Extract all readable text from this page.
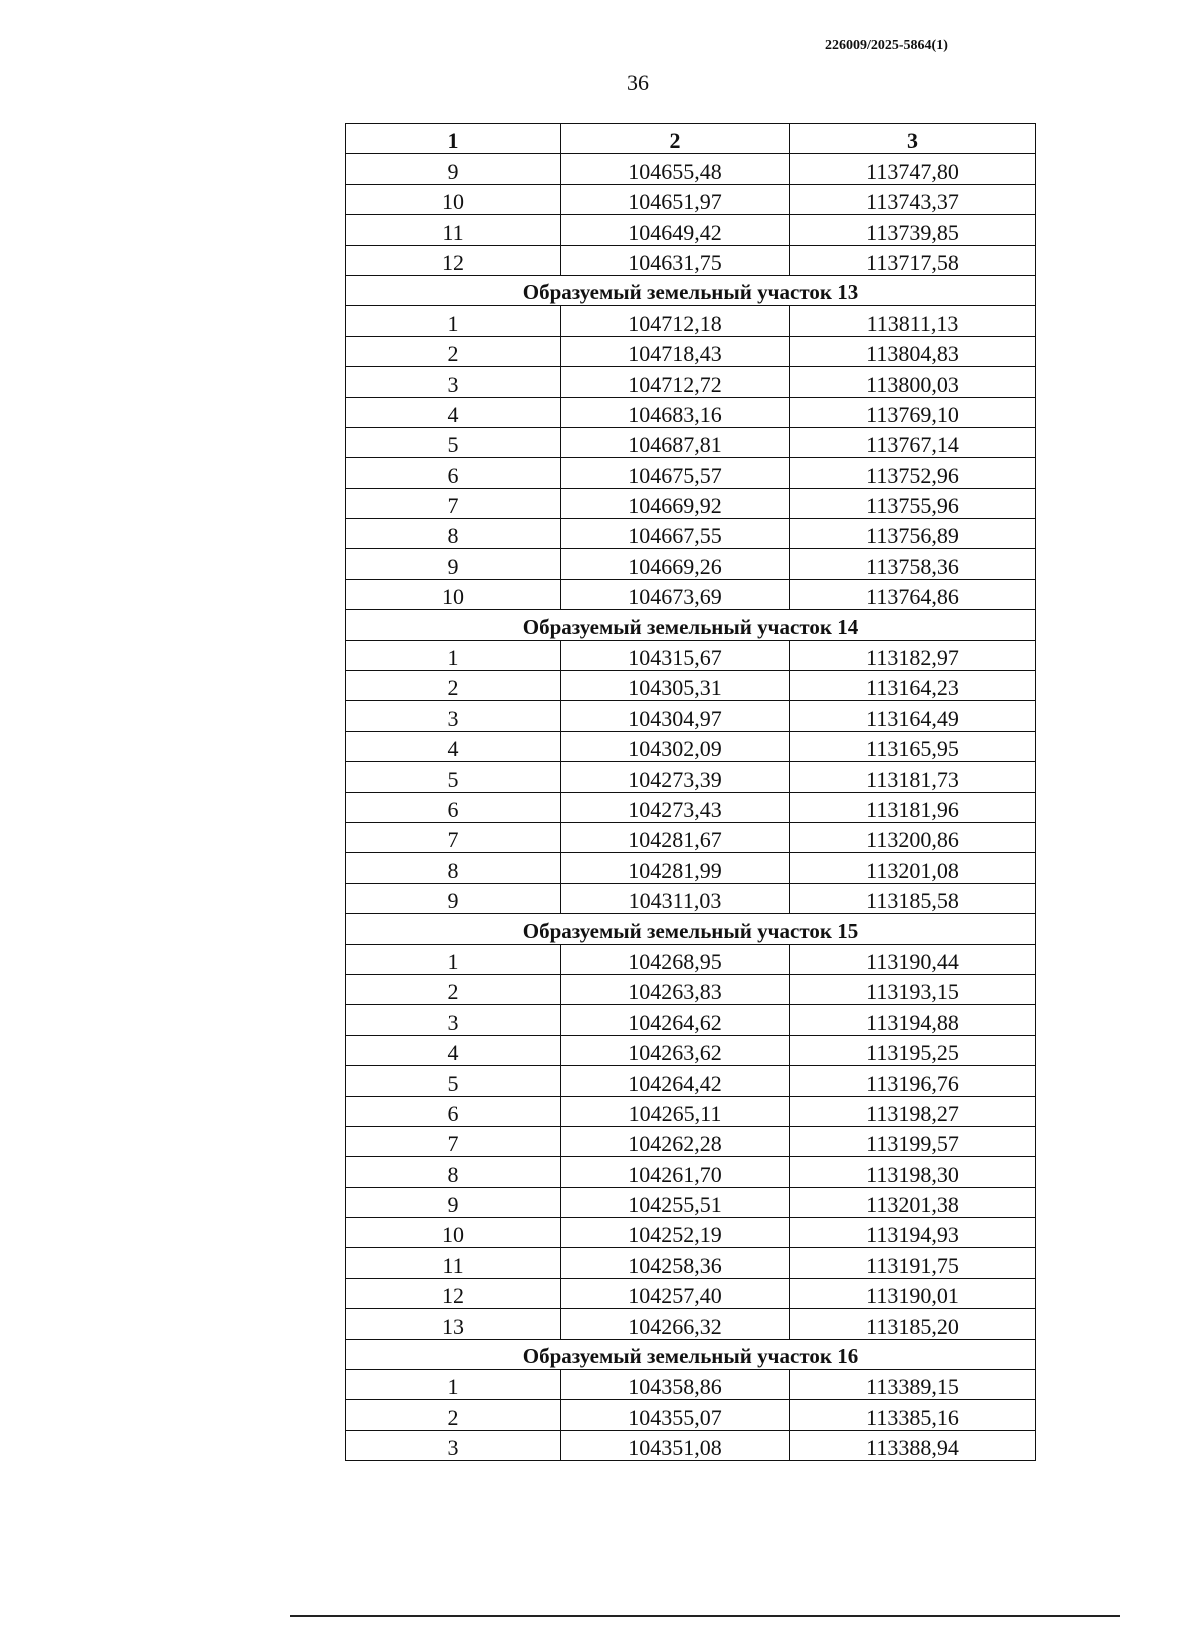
226009/2025-5864(1)
36
1	2	3
9	104655,48	113747,80
10	104651,97	113743,37
11	104649,42	113739,85
12	104631,75	113717,58
Образуемый земельный участок 13		
1	104712,18	113811,13
2	104718,43	113804,83
3	104712,72	113800,03
4	104683,16	113769,10
5	104687,81	113767,14
6	104675,57	113752,96
7	104669,92	113755,96
8	104667,55	113756,89
9	104669,26	113758,36
10	104673,69	113764,86
Образуемый земельный участок 14		
1	104315,67	113182,97
2	104305,31	113164,23
3	104304,97	113164,49
4	104302,09	113165,95
5	104273,39	113181,73
6	104273,43	113181,96
7	104281,67	113200,86
8	104281,99	113201,08
9	104311,03	113185,58
Образуемый земельный участок 15		
1	104268,95	113190,44
2	104263,83	113193,15
3	104264,62	113194,88
4	104263,62	113195,25
5	104264,42	113196,76
6	104265,11	113198,27
7	104262,28	113199,57
8	104261,70	113198,30
9	104255,51	113201,38
10	104252,19	113194,93
11	104258,36	113191,75
12	104257,40	113190,01
13	104266,32	113185,20
Образуемый земельный участок 16		
1	104358,86	113389,15
2	104355,07	113385,16
3	104351,08	113388,94
